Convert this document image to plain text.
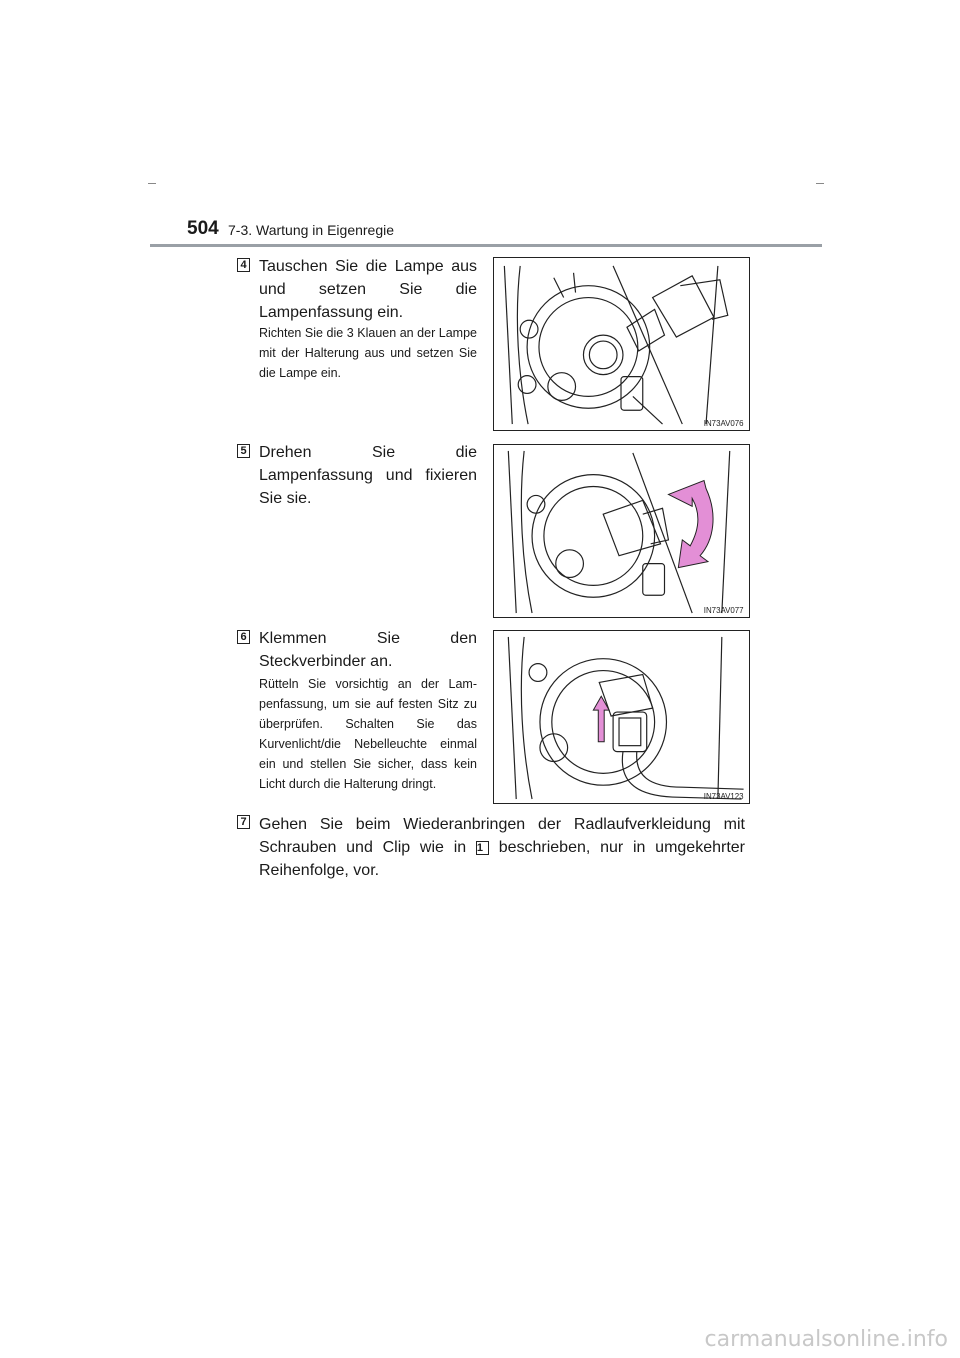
504 7-3. Wartung in Eigenregie
4 Tauschen Sie die Lampe aus und setzen Sie die Lampenfassung ein.
Richten Sie die 3 Klauen an der Lampe mit der Halterung aus und setzen Sie die Lampe ein.
IN73AV076
5 Drehen Sie die Lampenfassung und fixieren Sie sie.
IN73AV077
6 Klemmen Sie den Steckverbinder an.
Rütteln Sie vorsichtig an der Lampenfassung, um sie auf festen Sitz zu überprüfen. Schalten Sie das Kurvenlicht/die Nebelleuchte einmal ein und stellen Sie sicher, dass kein Licht durch die Halterung dringt.
IN73AV123
7 Gehen Sie beim Wiederanbringen der Radlaufverkleidung mit Schrauben und Clip wie in 1 beschrieben, nur in umgekehrter Reihenfolge, vor.
carmanualsonline.info
